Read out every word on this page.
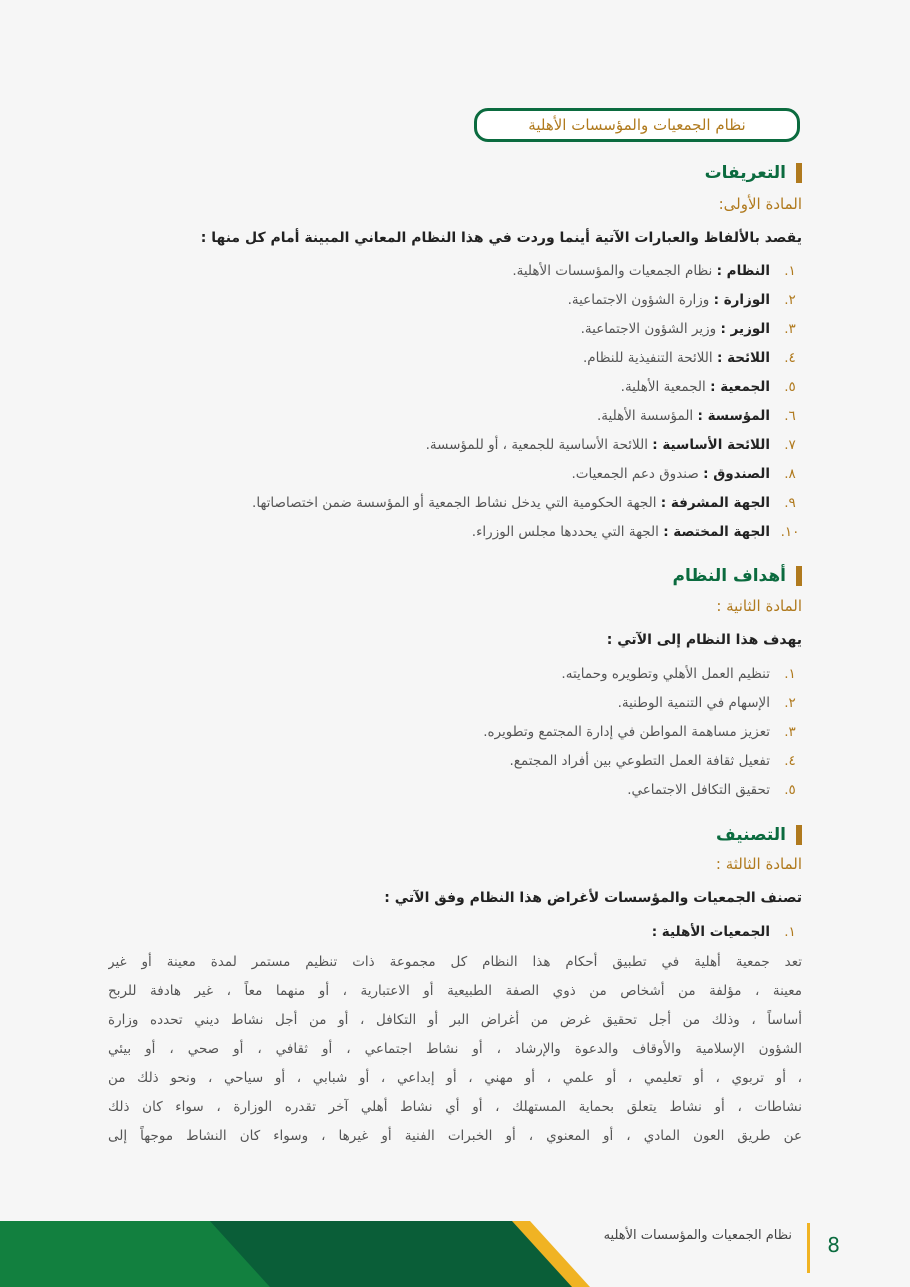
نظام الجمعيات والمؤسسات الأهلية
التعريفات
المادة الأولى:
يقصد بالألفاظ والعبارات الآتية أينما وردت في هذا النظام المعاني المبينة أمام كل منها :
١.
النظام : نظام الجمعيات والمؤسسات الأهلية.
٢.
الوزارة : وزارة الشؤون الاجتماعية.
٣.
الوزير : وزير الشؤون الاجتماعية.
٤.
اللائحة : اللائحة التنفيذية للنظام.
٥.
الجمعية : الجمعية الأهلية.
٦.
المؤسسة : المؤسسة الأهلية.
٧.
اللائحة الأساسية : اللائحة الأساسية للجمعية ، أو للمؤسسة.
٨.
الصندوق : صندوق دعم الجمعيات.
٩.
الجهة المشرفة : الجهة الحكومية التي يدخل نشاط الجمعية أو المؤسسة ضمن اختصاصاتها.
١٠.
الجهة المختصة : الجهة التي يحددها مجلس الوزراء.
أهداف النظام
المادة الثانية :
يهدف هذا النظام إلى الآتي :
١.
تنظيم العمل الأهلي وتطويره وحمايته.
٢.
الإسهام في التنمية الوطنية.
٣.
تعزيز مساهمة المواطن في إدارة المجتمع وتطويره.
٤.
تفعيل ثقافة العمل التطوعي بين أفراد المجتمع.
٥.
تحقيق التكافل الاجتماعي.
التصنيف
المادة الثالثة :
تصنف الجمعيات والمؤسسات لأغراض هذا النظام وفق الآتي :
١.
الجمعيات الأهلية :
تعد جمعية أهلية في تطبيق أحكام هذا النظام كل مجموعة ذات تنظيم مستمر لمدة معينة أو غير
معينة ، مؤلفة من أشخاص من ذوي الصفة الطبيعية أو الاعتبارية ، أو منهما معاً ، غير هادفة للربح
أساساً ، وذلك من أجل تحقيق غرض من أغراض البر أو التكافل ، أو من أجل نشاط ديني تحدده وزارة
الشؤون الإسلامية والأوقاف والدعوة والإرشاد ، أو نشاط اجتماعي ، أو ثقافي ، أو صحي ، أو بيئي
، أو تربوي ، أو تعليمي ، أو علمي ، أو مهني ، أو إبداعي ، أو شبابي ، أو سياحي ، ونحو ذلك من
نشاطات ، أو نشاط يتعلق بحماية المستهلك ، أو أي نشاط أهلي آخر تقدره الوزارة ، سواء كان ذلك
عن طريق العون المادي ، أو المعنوي ، أو الخبرات الفنية أو غيرها ، وسواء كان النشاط موجهاً إلى
نظام الجمعيات والمؤسسات الأهليه 8
